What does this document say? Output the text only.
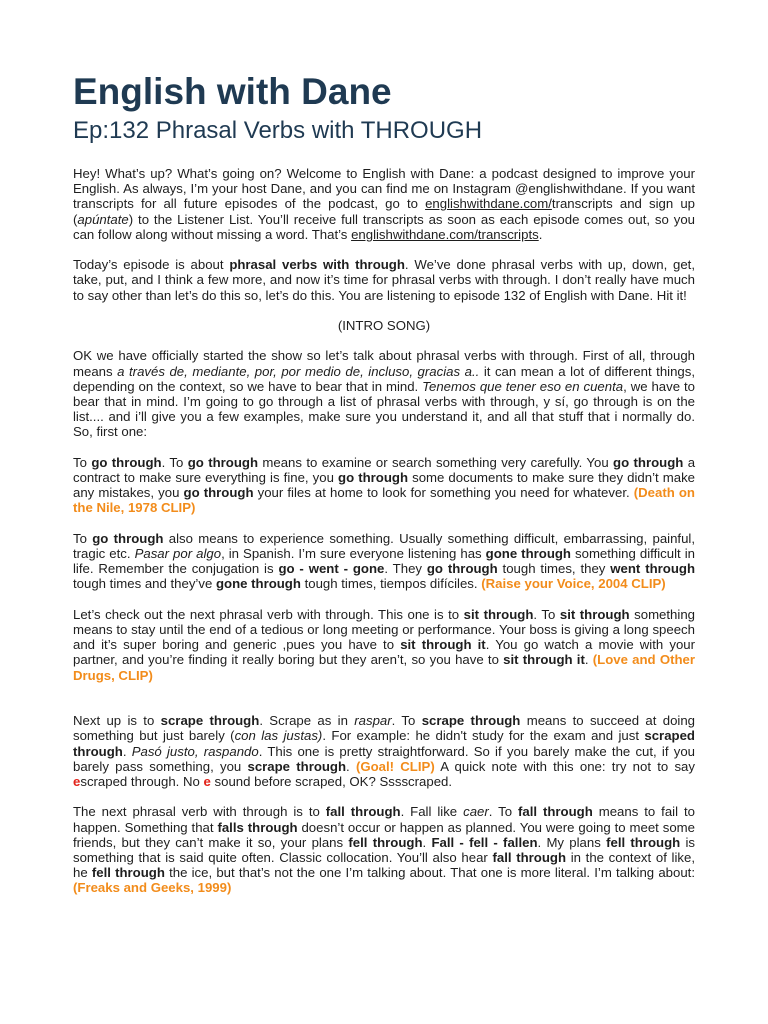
English with Dane
Ep:132 Phrasal Verbs with THROUGH

Hey! What’s up? What’s going on? Welcome to English with Dane: a podcast designed to improve your English. As always, I’m your host Dane, and you can find me on Instagram @englishwithdane. If you want transcripts for all future episodes of the podcast, go to englishwithdane.com/transcripts and sign up (apúntate) to the Listener List. You’ll receive full transcripts as soon as each episode comes out, so you can follow along without missing a word. That’s englishwithdane.com/transcripts.

Today’s episode is about phrasal verbs with through. We’ve done phrasal verbs with up, down, get, take, put, and I think a few more, and now it’s time for phrasal verbs with through. I don’t really have much to say other than let’s do this so, let’s do this. You are listening to episode 132 of English with Dane. Hit it!

(INTRO SONG)

OK we have officially started the show so let’s talk about phrasal verbs with through. First of all, through means a través de, mediante, por, por medio de, incluso, gracias a.. it can mean a lot of different things, depending on the context, so we have to bear that in mind. Tenemos que tener eso en cuenta, we have to bear that in mind. I’m going to go through a list of phrasal verbs with through, y sí, go through is on the list.... and i’ll give you a few examples, make sure you understand it, and all that stuff that i normally do. So, first one:

To go through. To go through means to examine or search something very carefully. You go through a contract to make sure everything is fine, you go through some documents to make sure they didn’t make any mistakes, you go through your files at home to look for something you need for whatever. (Death on the Nile, 1978 CLIP)

To go through also means to experience something. Usually something difficult, embarrassing, painful, tragic etc. Pasar por algo, in Spanish. I’m sure everyone listening has gone through something difficult in life. Remember the conjugation is go - went - gone. They go through tough times, they went through tough times and they’ve gone through tough times, tiempos difíciles. (Raise your Voice, 2004 CLIP)

Let’s check out the next phrasal verb with through. This one is to sit through. To sit through something means to stay until the end of a tedious or long meeting or performance. Your boss is giving a long speech and it’s super boring and generic ,pues you have to sit through it. You go watch a movie with your partner, and you’re finding it really boring but they aren’t, so you have to sit through it. (Love and Other Drugs, CLIP)

Next up is to scrape through. Scrape as in raspar. To scrape through means to succeed at doing something but just barely (con las justas). For example: he didn't study for the exam and just scraped through. Pasó justo, raspando. This one is pretty straightforward. So if you barely make the cut, if you barely pass something, you scrape through. (Goal! CLIP) A quick note with this one: try not to say escraped through. No e sound before scraped, OK? Sssscraped.

The next phrasal verb with through is to fall through. Fall like caer. To fall through means to fail to happen. Something that falls through doesn’t occur or happen as planned. You were going to meet some friends, but they can’t make it so, your plans fell through. Fall - fell - fallen. My plans fell through is something that is said quite often. Classic collocation. You’ll also hear fall through in the context of like, he fell through the ice, but that’s not the one I’m talking about. That one is more literal. I’m talking about: (Freaks and Geeks, 1999)
